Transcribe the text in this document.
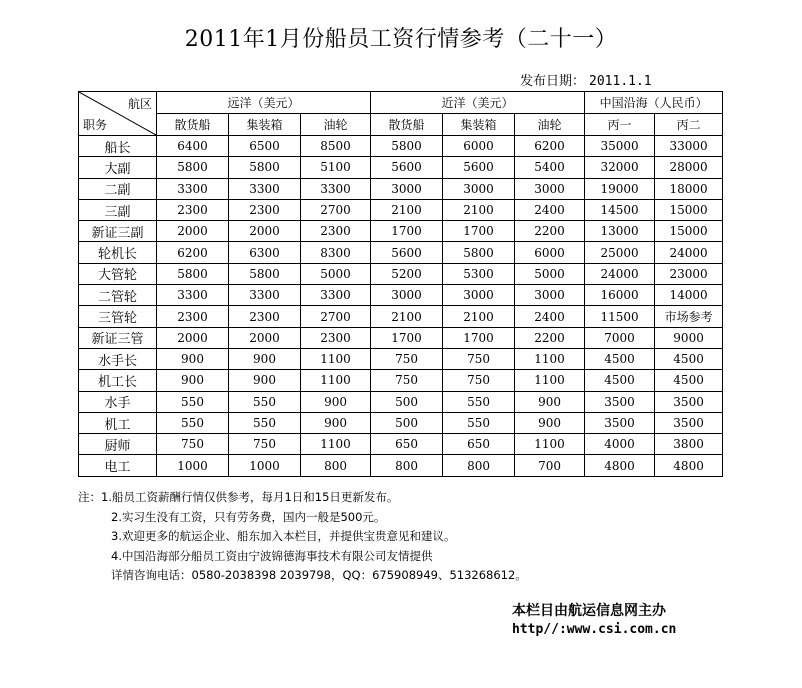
2011年1月份船员工资行情参考（二十一）
发布日期： 2011.1.1
航区
职务	远洋（美元）			近洋（美元）			中国沿海（人民币）	
	散货船	集装箱	油轮	散货船	集装箱	油轮	丙一	丙二
船长	6400	6500	8500	5800	6000	6200	35000	33000
大副	5800	5800	5100	5600	5600	5400	32000	28000
二副	3300	3300	3300	3000	3000	3000	19000	18000
三副	2300	2300	2700	2100	2100	2400	14500	15000
新证三副	2000	2000	2300	1700	1700	2200	13000	15000
轮机长	6200	6300	8300	5600	5800	6000	25000	24000
大管轮	5800	5800	5000	5200	5300	5000	24000	23000
二管轮	3300	3300	3300	3000	3000	3000	16000	14000
三管轮	2300	2300	2700	2100	2100	2400	11500	市场参考
新证三管	2000	2000	2300	1700	1700	2200	7000	9000
水手长	900	900	1100	750	750	1100	4500	4500
机工长	900	900	1100	750	750	1100	4500	4500
水手	550	550	900	500	550	900	3500	3500
机工	550	550	900	500	550	900	3500	3500
厨师	750	750	1100	650	650	1100	4000	3800
电工	1000	1000	800	800	800	700	4800	4800
注：1.船员工资薪酬行情仅供参考，每月1日和15日更新发布。
2.实习生没有工资，只有劳务费，国内一般是500元。
3.欢迎更多的航运企业、船东加入本栏目，并提供宝贵意见和建议。
4.中国沿海部分船员工资由宁波锦德海事技术有限公司友情提供
详情咨询电话：0580-2038398 2039798，QQ：675908949、513268612。
本栏目由航运信息网主办
http//:www.csi.com.cn
